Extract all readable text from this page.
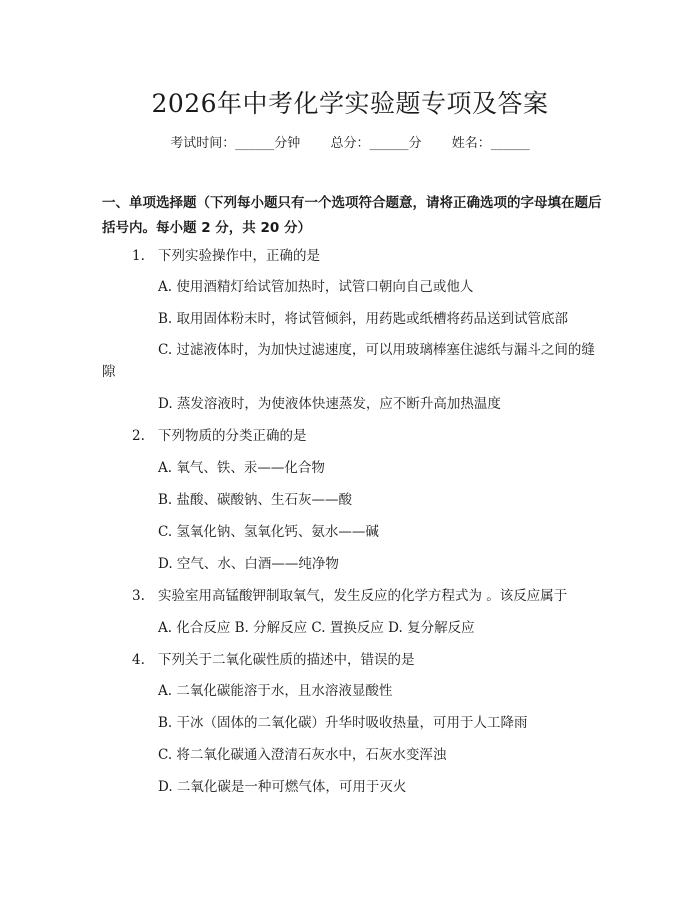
2026年中考化学实验题专项及答案
考试时间：______分钟 总分：______分 姓名：______
一、单项选择题（下列每小题只有一个选项符合题意，请将正确选项的字母填在题后括号内。每小题 2 分，共 20 分）
1. 下列实验操作中，正确的是
A. 使用酒精灯给试管加热时，试管口朝向自己或他人
B. 取用固体粉末时，将试管倾斜，用药匙或纸槽将药品送到试管底部
C. 过滤液体时，为加快过滤速度，可以用玻璃棒塞住滤纸与漏斗之间的缝隙
D. 蒸发溶液时，为使液体快速蒸发，应不断升高加热温度
2. 下列物质的分类正确的是
A. 氧气、铁、汞——化合物
B. 盐酸、碳酸钠、生石灰——酸
C. 氢氧化钠、氢氧化钙、氨水——碱
D. 空气、水、白酒——纯净物
3. 实验室用高锰酸钾制取氧气，发生反应的化学方程式为 。该反应属于
A. 化合反应 B. 分解反应 C. 置换反应 D. 复分解反应
4. 下列关于二氧化碳性质的描述中，错误的是
A. 二氧化碳能溶于水，且水溶液显酸性
B. 干冰（固体的二氧化碳）升华时吸收热量，可用于人工降雨
C. 将二氧化碳通入澄清石灰水中，石灰水变浑浊
D. 二氧化碳是一种可燃气体，可用于灭火
